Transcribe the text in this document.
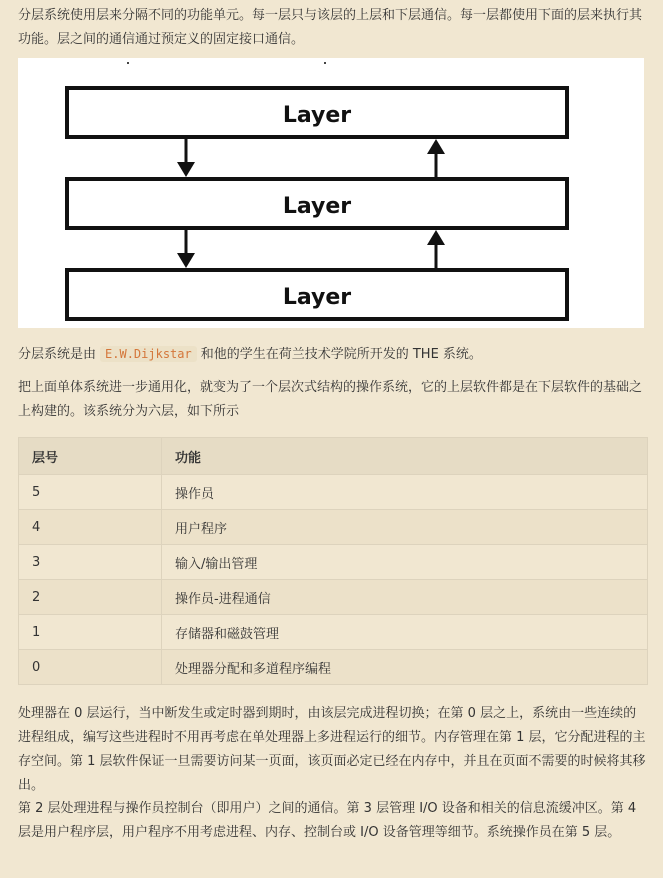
分层系统使用层来分隔不同的功能单元。每一层只与该层的上层和下层通信。每一层都使用下面的层来执行其功能。层之间的通信通过预定义的固定接口通信。

Layer
Layer
Layer

分层系统是由 E.W.Dijkstar 和他的学生在荷兰技术学院所开发的 THE 系统。

把上面单体系统进一步通用化，就变为了一个层次式结构的操作系统，它的上层软件都是在下层软件的基础之上构建的。该系统分为六层，如下所示

层号	功能
5	操作员
4	用户程序
3	输入/输出管理
2	操作员-进程通信
1	存储器和磁鼓管理
0	处理器分配和多道程序编程

处理器在 0 层运行，当中断发生或定时器到期时，由该层完成进程切换；在第 0 层之上，系统由一些连续的进程组成，编写这些进程时不用再考虑在单处理器上多进程运行的细节。内存管理在第 1 层，它分配进程的主存空间。第 1 层软件保证一旦需要访问某一页面，该页面必定已经在内存中，并且在页面不需要的时候将其移出。

第 2 层处理进程与操作员控制台（即用户）之间的通信。第 3 层管理 I/O 设备和相关的信息流缓冲区。第 4 层是用户程序层，用户程序不用考虑进程、内存、控制台或 I/O 设备管理等细节。系统操作员在第 5 层。
